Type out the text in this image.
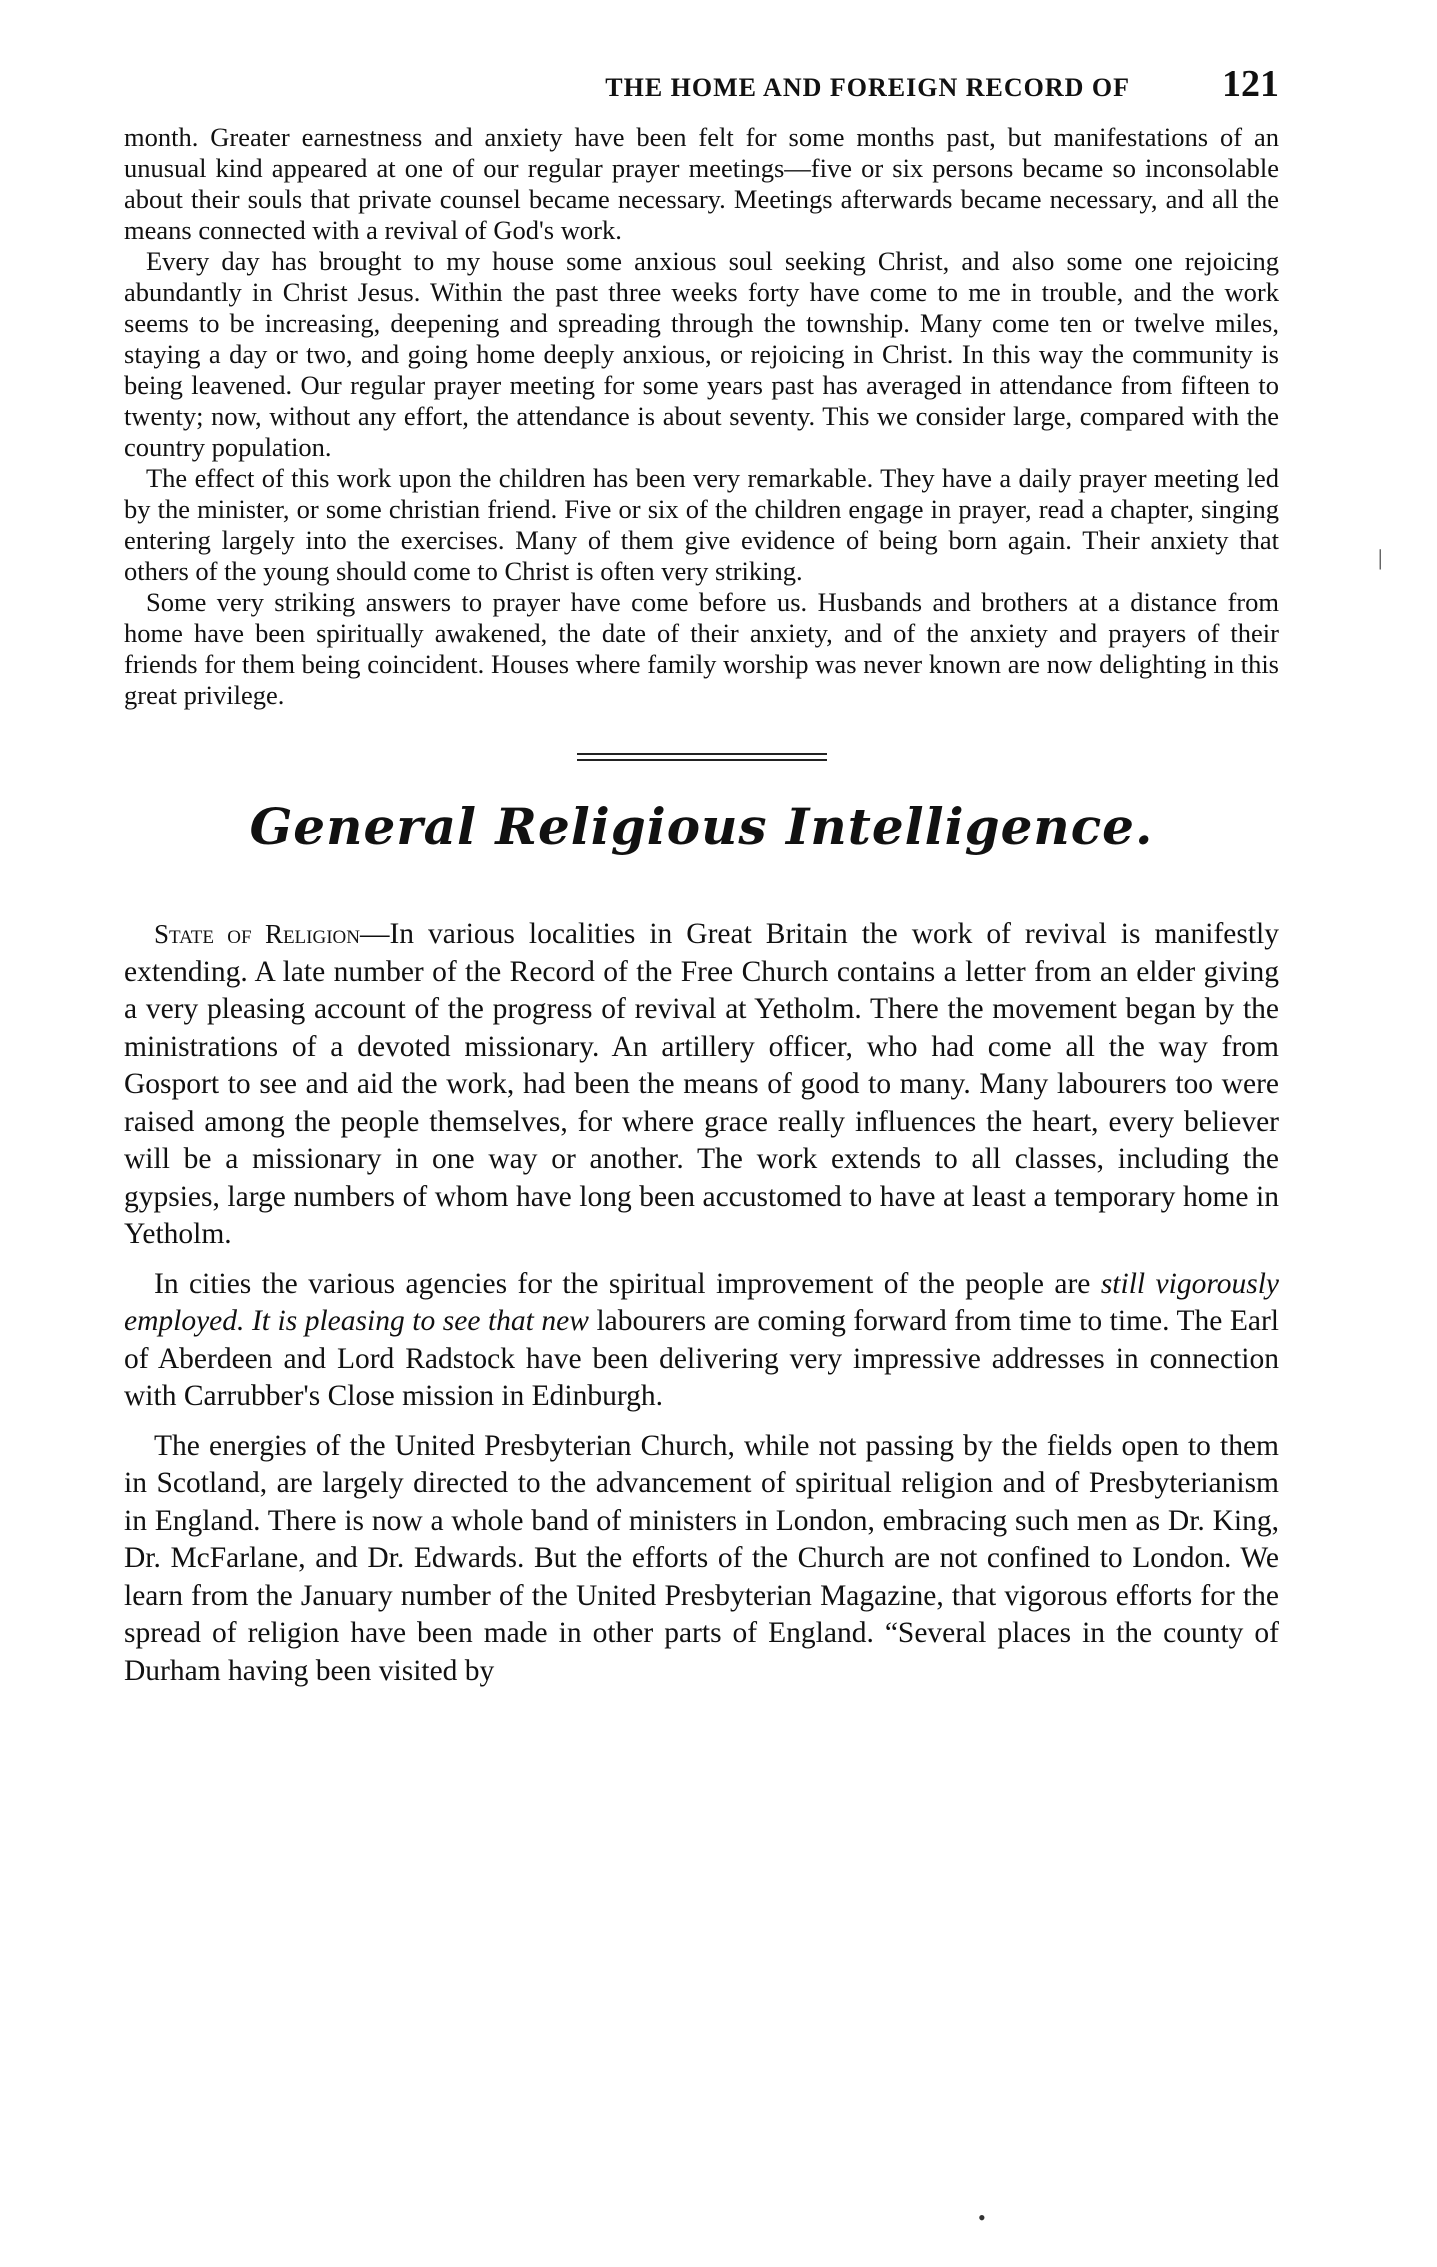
THE HOME AND FOREIGN RECORD OF 121

month. Greater earnestness and anxiety have been felt for some months past, but manifestations of an unusual kind appeared at one of our regular prayer meetings—five or six persons became so inconsolable about their souls that private counsel became necessary. Meetings afterwards became necessary, and all the means connected with a revival of God's work.

Every day has brought to my house some anxious soul seeking Christ, and also some one rejoicing abundantly in Christ Jesus. Within the past three weeks forty have come to me in trouble, and the work seems to be increasing, deepening and spreading through the township. Many come ten or twelve miles, staying a day or two, and going home deeply anxious, or rejoicing in Christ. In this way the community is being leavened. Our regular prayer meeting for some years past has averaged in attendance from fifteen to twenty; now, without any effort, the attendance is about seventy. This we consider large, compared with the country population.

The effect of this work upon the children has been very remarkable. They have a daily prayer meeting led by the minister, or some christian friend. Five or six of the children engage in prayer, read a chapter, singing entering largely into the exercises. Many of them give evidence of being born again. Their anxiety that others of the young should come to Christ is often very striking.

Some very striking answers to prayer have come before us. Husbands and brothers at a distance from home have been spiritually awakened, the date of their anxiety, and of the anxiety and prayers of their friends for them being coincident. Houses where family worship was never known are now delighting in this great privilege.

General Religious Intelligence.

State of Religion—In various localities in Great Britain the work of revival is manifestly extending. A late number of the Record of the Free Church contains a letter from an elder giving a very pleasing account of the progress of revival at Yetholm. There the movement began by the ministrations of a devoted missionary. An artillery officer, who had come all the way from Gosport to see and aid the work, had been the means of good to many. Many labourers too were raised among the people themselves, for where grace really influences the heart, every believer will be a missionary in one way or another. The work extends to all classes, including the gypsies, large numbers of whom have long been accustomed to have at least a temporary home in Yetholm.

In cities the various agencies for the spiritual improvement of the people are still vigorously employed. It is pleasing to see that new labourers are coming forward from time to time. The Earl of Aberdeen and Lord Radstock have been delivering very impressive addresses in connection with Carrubber's Close mission in Edinburgh.

The energies of the United Presbyterian Church, while not passing by the fields open to them in Scotland, are largely directed to the advancement of spiritual religion and of Presbyterianism in England. There is now a whole band of ministers in London, embracing such men as Dr. King, Dr. McFarlane, and Dr. Edwards. But the efforts of the Church are not confined to London. We learn from the January number of the United Presbyterian Magazine, that vigorous efforts for the spread of religion have been made in other parts of England. “Several places in the county of Durham having been visited by

|
•
